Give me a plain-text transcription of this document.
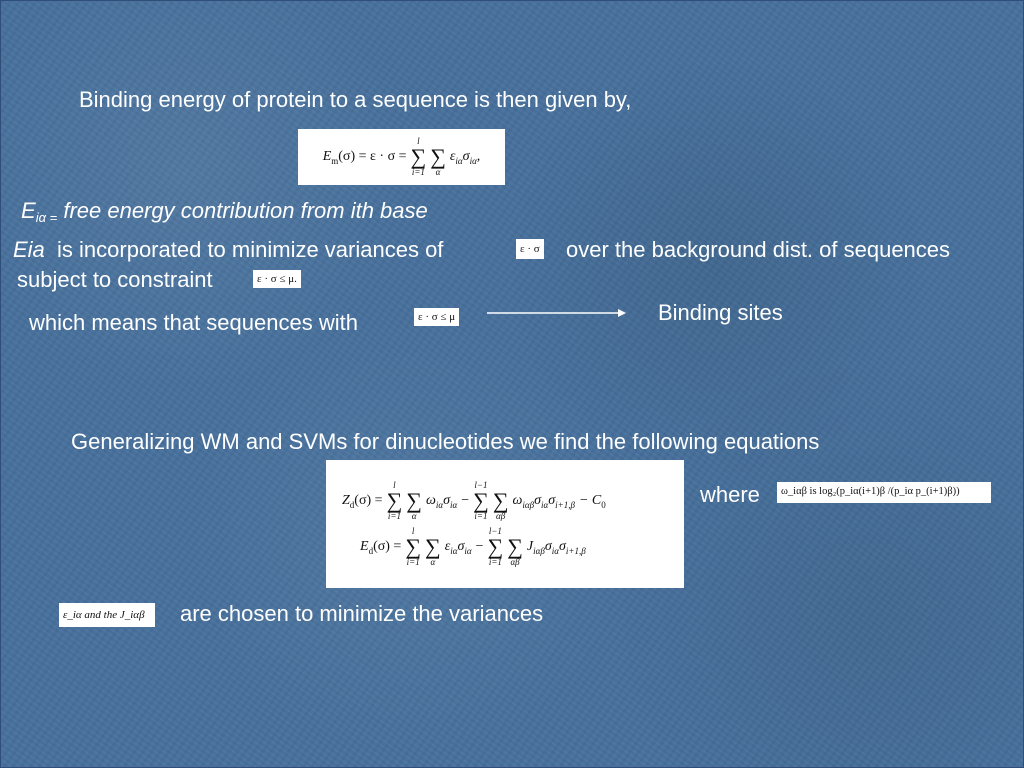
Binding energy of protein to a sequence is then given by,
$E_m(\sigma) = \varepsilon \cdot \sigma$ =
l
∑
i=1

∑
α
$\varepsilon_{i\alpha}\sigma_{i\alpha}$,
$E_{i\alpha =}$ free energy contribution from ith base
Eia is incorporated to minimize variances of	ε · σ over the background dist. of sequences
subject to constraint	ε · σ ≤ μ.
which means that sequences with	ε · σ ≤ μ	Binding sites
Generalizing WM and SVMs for dinucleotides we find the following equations
$Z_d(\sigma)$ =
l
∑
i=1

∑
α
$\omega_{i\alpha}\sigma_{i\alpha}$ −
l−1
∑
i=1

∑
αβ
$\omega_{i\alpha\beta}\sigma_{i\alpha}\sigma_{i+1,\beta} - C_0$
$E_d(\sigma)$ =
l
∑
i=1

∑
α
$\varepsilon_{i\alpha}\sigma_{i\alpha}$ −
l−1
∑
i=1

∑
αβ
$J_{i\alpha\beta}\sigma_{i\alpha}\sigma_{i+1,\beta}$
where	ω_iαβ is log₂(p_iα(i+1)β /(p_iα p_(i+1)β))
ε_iα and the J_iαβ	are chosen to minimize the variances
